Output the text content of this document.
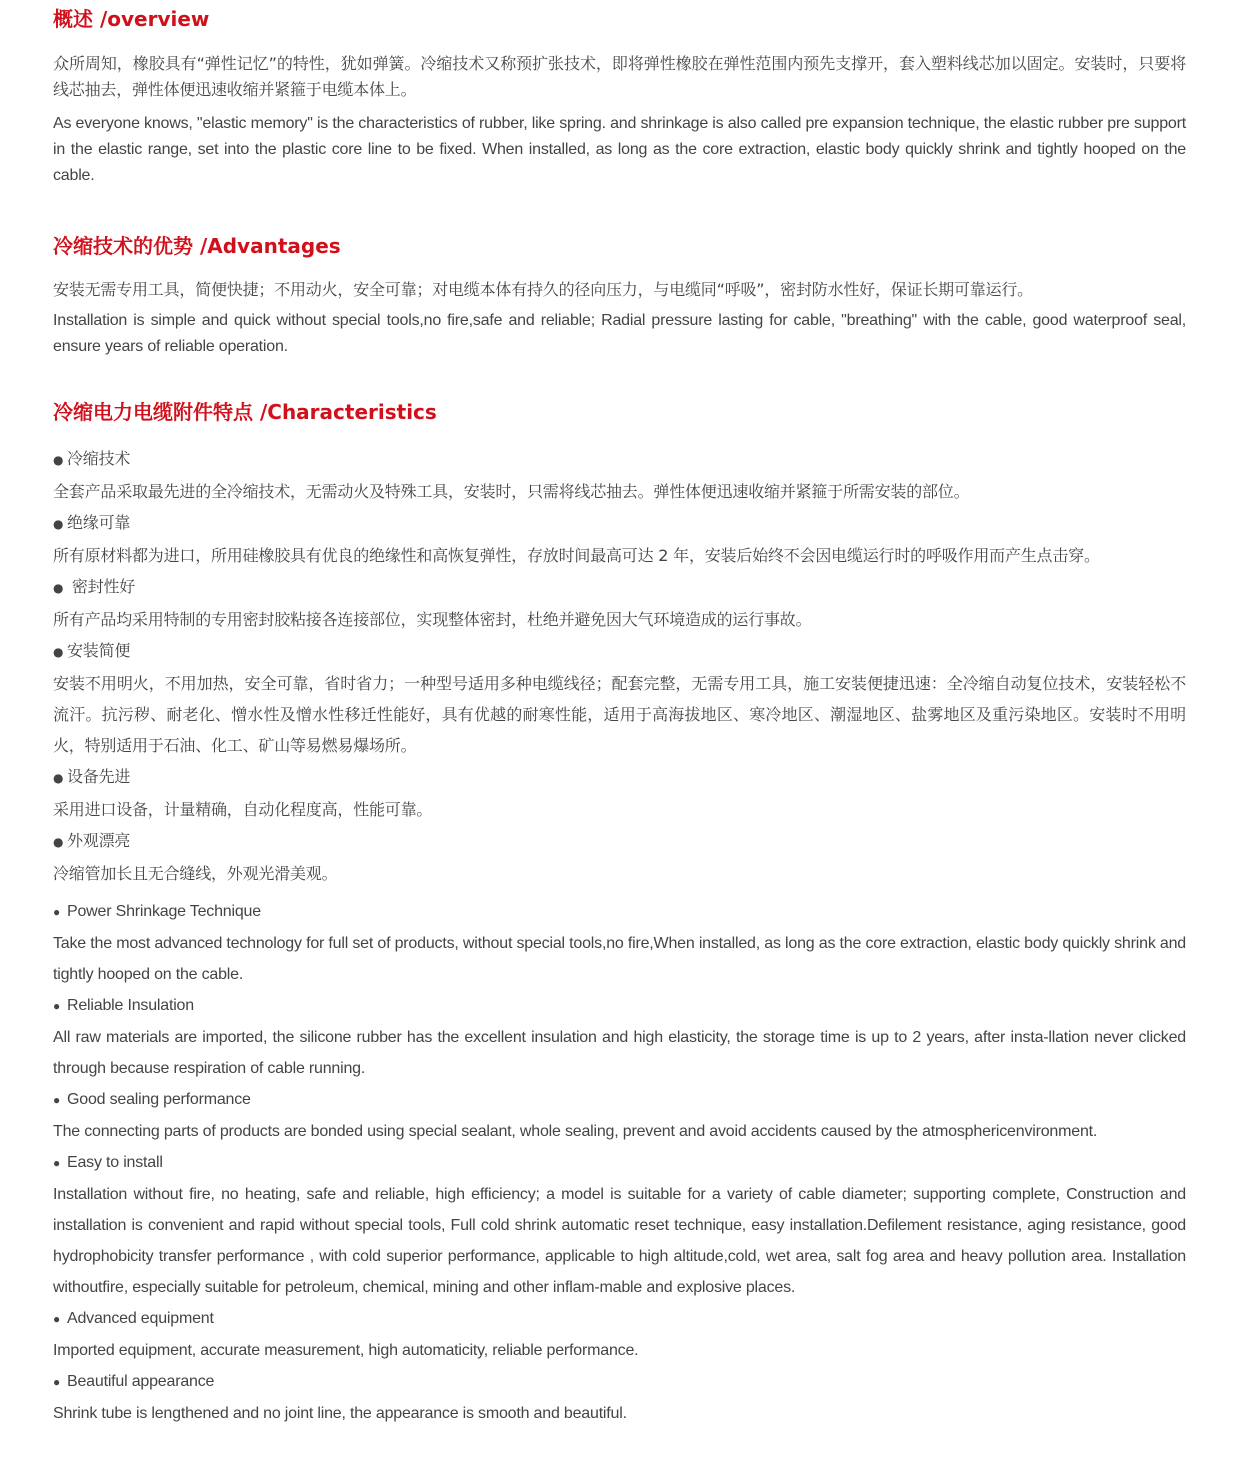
概述 /overview

众所周知，橡胶具有“弹性记忆”的特性，犹如弹簧。冷缩技术又称预扩张技术，即将弹性橡胶在弹性范围内预先支撑开，套入塑料线芯加以固定。安装时，只要将线芯抽去，弹性体便迅速收缩并紧箍于电缆本体上。

As everyone knows, "elastic memory" is the characteristics of rubber, like spring. and shrinkage is also called pre expansion technique, the elastic rubber pre support in the elastic range, set into the plastic core line to be fixed. When installed, as long as the core extraction, elastic body quickly shrink and tightly hooped on the cable.

冷缩技术的优势 /Advantages

安装无需专用工具，简便快捷；不用动火，安全可靠；对电缆本体有持久的径向压力，与电缆同“呼吸”，密封防水性好，保证长期可靠运行。

Installation is simple and quick without special tools,no fire,safe and reliable; Radial pressure lasting for cable, "breathing" with the cable, good waterproof seal, ensure years of reliable operation.

冷缩电力电缆附件特点 /Characteristics

● 冷缩技术

全套产品采取最先进的全冷缩技术，无需动火及特殊工具，安装时，只需将线芯抽去。弹性体便迅速收缩并紧箍于所需安装的部位。

● 绝缘可靠

所有原材料都为进口，所用硅橡胶具有优良的绝缘性和高恢复弹性，存放时间最高可达 2 年，安装后始终不会因电缆运行时的呼吸作用而产生点击穿。

● 密封性好

所有产品均采用特制的专用密封胶粘接各连接部位，实现整体密封，杜绝并避免因大气环境造成的运行事故。

● 安装简便

安装不用明火，不用加热，安全可靠，省时省力；一种型号适用多种电缆线径；配套完整，无需专用工具，施工安装便捷迅速：全冷缩自动复位技术，安装轻松不流汗。抗污秽、耐老化、憎水性及憎水性移迁性能好，具有优越的耐寒性能，适用于高海拔地区、寒冷地区、潮湿地区、盐雾地区及重污染地区。安装时不用明火，特别适用于石油、化工、矿山等易燃易爆场所。

● 设备先进

采用进口设备，计量精确，自动化程度高，性能可靠。

● 外观漂亮

冷缩管加长且无合缝线，外观光滑美观。

● Power Shrinkage Technique

Take the most advanced technology for full set of products, without special tools,no fire,When installed, as long as the core extraction, elastic body quickly shrink and tightly hooped on the cable.

● Reliable Insulation

All raw materials are imported, the silicone rubber has the excellent insulation and high elasticity, the storage time is up to 2 years, after insta-llation never clicked through because respiration of cable running.

● Good sealing performance

The connecting parts of products are bonded using special sealant, whole sealing, prevent and avoid accidents caused by the atmosphericenvironment.

● Easy to install

Installation without fire, no heating, safe and reliable, high efficiency; a model is suitable for a variety of cable diameter; supporting complete, Construction and installation is convenient and rapid without special tools, Full cold shrink automatic reset technique, easy installation.Defilement resistance, aging resistance, good hydrophobicity transfer performance , with cold superior performance, applicable to high altitude,cold, wet area, salt fog area and heavy pollution area. Installation withoutfire, especially suitable for petroleum, chemical, mining and other inflam-mable and explosive places.

● Advanced equipment

Imported equipment, accurate measurement, high automaticity, reliable performance.

● Beautiful appearance

Shrink tube is lengthened and no joint line, the appearance is smooth and beautiful.
